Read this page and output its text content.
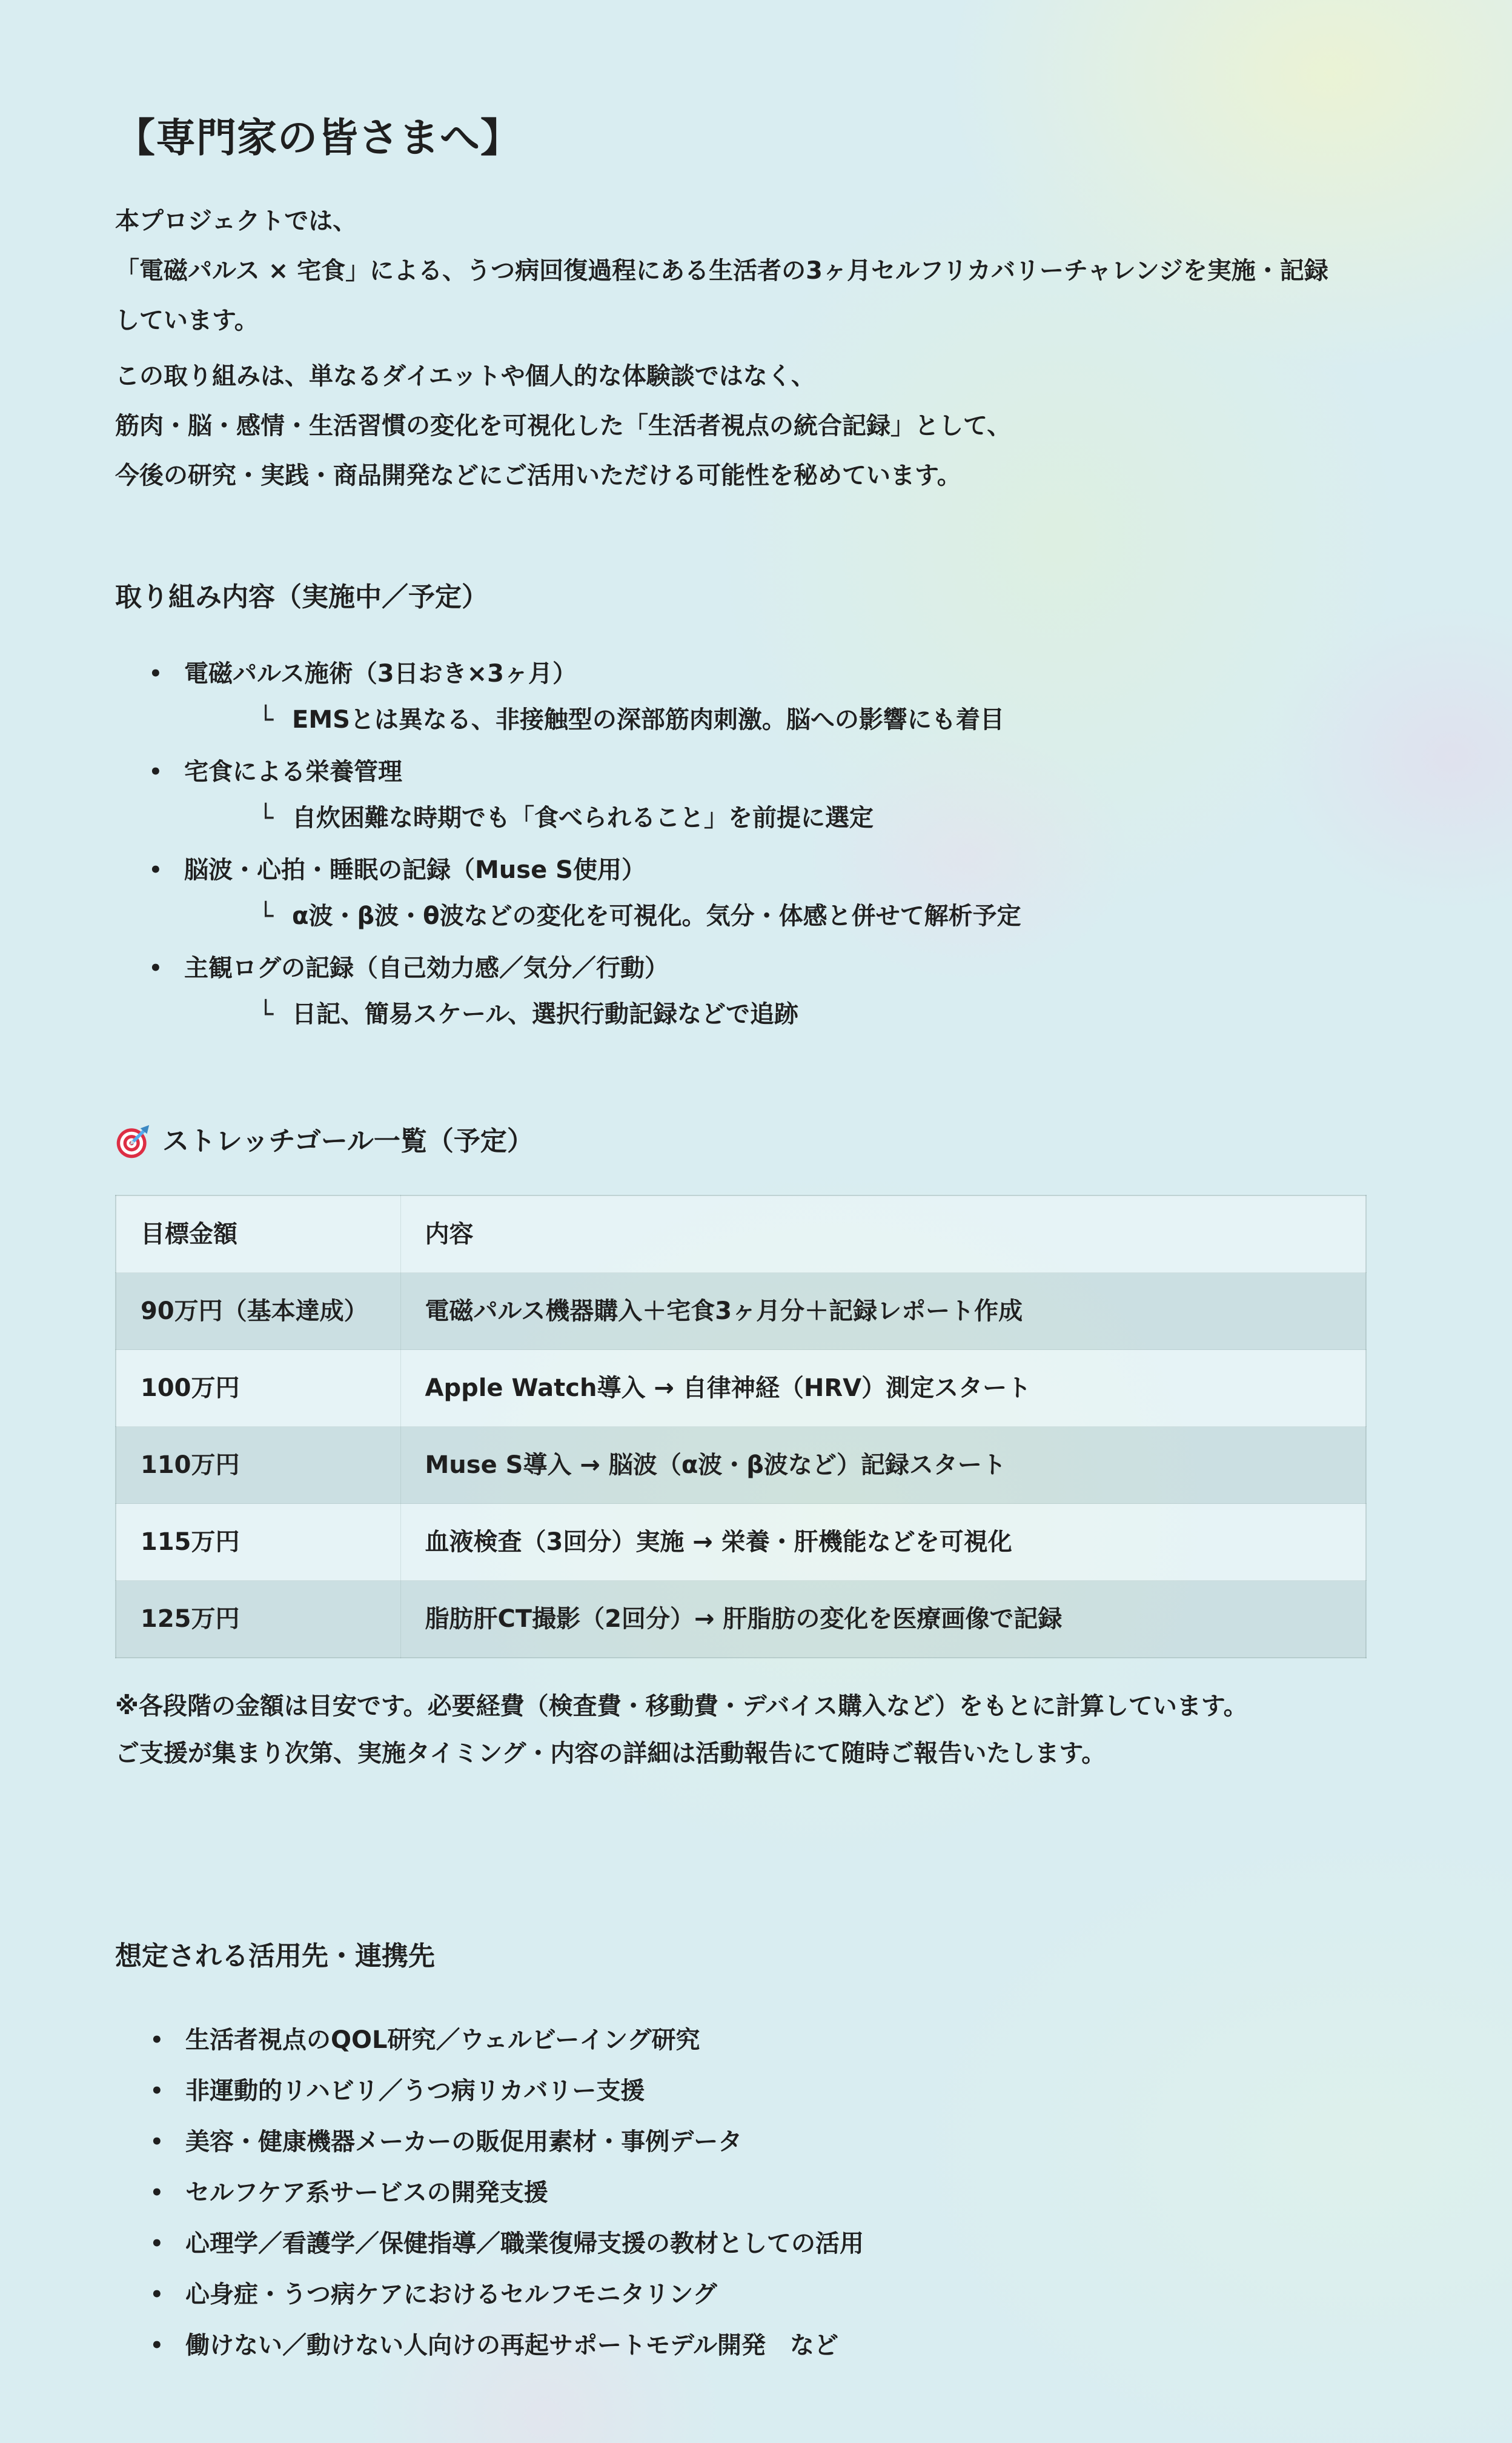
【専門家の皆さまへ】

本プロジェクトでは、
「電磁パルス × 宅食」による、うつ病回復過程にある生活者の3ヶ月セルフリカバリーチャレンジを実施・記録
しています。

この取り組みは、単なるダイエットや個人的な体験談ではなく、
筋肉・脳・感情・生活習慣の変化を可視化した「生活者視点の統合記録」として、
今後の研究・実践・商品開発などにご活用いただける可能性を秘めています。

取り組み内容（実施中／予定）
• 電磁パルス施術（3日おき×3ヶ月）
└ EMSとは異なる、非接触型の深部筋肉刺激。脳への影響にも着目
• 宅食による栄養管理
└ 自炊困難な時期でも「食べられること」を前提に選定
• 脳波・心拍・睡眠の記録（Muse S使用）
└ α波・β波・θ波などの変化を可視化。気分・体感と併せて解析予定
• 主観ログの記録（自己効力感／気分／行動）
└ 日記、簡易スケール、選択行動記録などで追跡
ストレッチゴール一覧（予定）
目標金額	内容
90万円（基本達成）	電磁パルス機器購入＋宅食3ヶ月分＋記録レポート作成
100万円	Apple Watch導入 → 自律神経（HRV）測定スタート
110万円	Muse S導入 → 脳波（α波・β波など）記録スタート
115万円	血液検査（3回分）実施 → 栄養・肝機能などを可視化
125万円	脂肪肝CT撮影（2回分）→ 肝脂肪の変化を医療画像で記録
※各段階の金額は目安です。必要経費（検査費・移動費・デバイス購入など）をもとに計算しています。
ご支援が集まり次第、実施タイミング・内容の詳細は活動報告にて随時ご報告いたします。
想定される活用先・連携先
• 生活者視点のQOL研究／ウェルビーイング研究
• 非運動的リハビリ／うつ病リカバリー支援
• 美容・健康機器メーカーの販促用素材・事例データ
• セルフケア系サービスの開発支援
• 心理学／看護学／保健指導／職業復帰支援の教材としての活用
• 心身症・うつ病ケアにおけるセルフモニタリング
• 働けない／動けない人向けの再起サポートモデル開発　など
